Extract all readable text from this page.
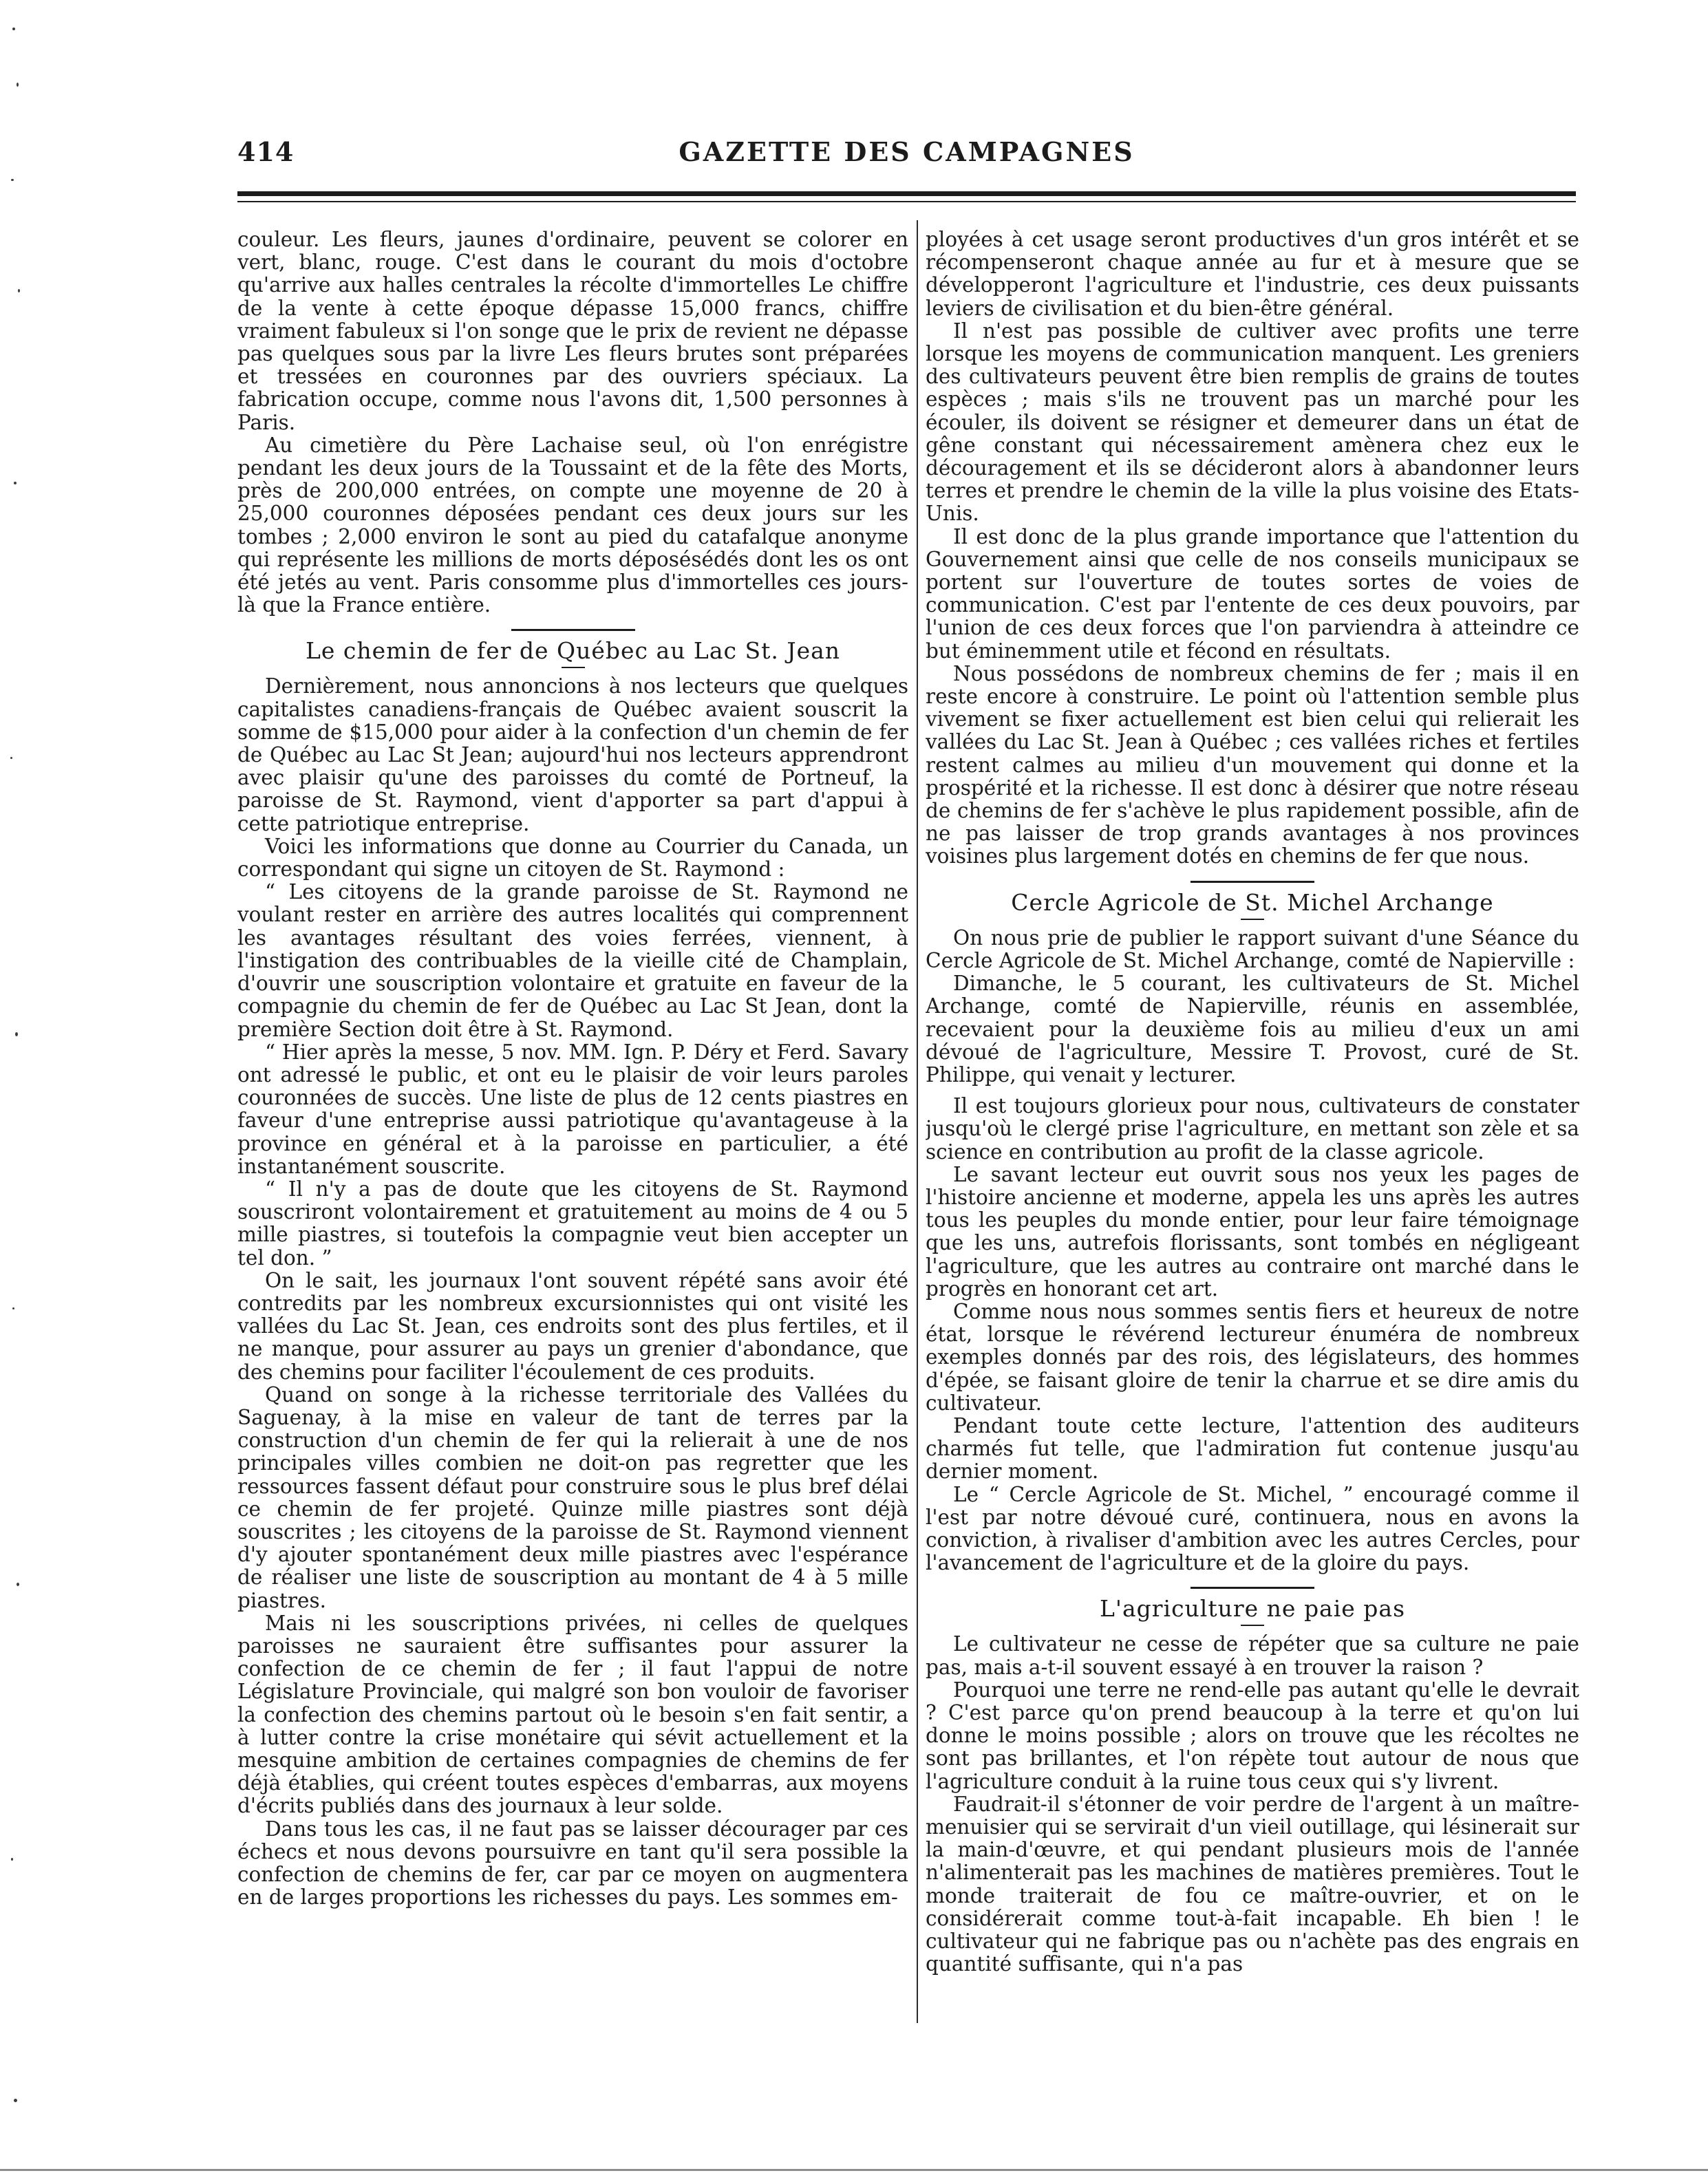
414	GAZETTE DES CAMPAGNES

couleur. Les fleurs, jaunes d'ordinaire, peuvent se colorer en vert, blanc, rouge. C'est dans le courant du mois d'octobre qu'arrive aux halles centrales la récolte d'immortelles Le chiffre de la vente à cette époque dépasse 15,000 francs, chiffre vraiment fabuleux si l'on songe que le prix de revient ne dépasse pas quelques sous par la livre Les fleurs brutes sont préparées et tressées en couronnes par des ouvriers spéciaux. La fabrication occupe, comme nous l'avons dit, 1,500 personnes à Paris.

Au cimetière du Père Lachaise seul, où l'on enrégistre pendant les deux jours de la Toussaint et de la fête des Morts, près de 200,000 entrées, on compte une moyenne de 20 à 25,000 couronnes déposées pendant ces deux jours sur les tombes ; 2,000 environ le sont au pied du catafalque anonyme qui représente les millions de morts déposésédés dont les os ont été jetés au vent. Paris consomme plus d'immortelles ces jours-là que la France entière.

Le chemin de fer de Québec au Lac St. Jean

Dernièrement, nous annoncions à nos lecteurs que quelques capitalistes canadiens-français de Québec avaient souscrit la somme de $15,000 pour aider à la confection d'un chemin de fer de Québec au Lac St Jean; aujourd'hui nos lecteurs apprendront avec plaisir qu'une des paroisses du comté de Portneuf, la paroisse de St. Raymond, vient d'apporter sa part d'appui à cette patriotique entreprise.

Voici les informations que donne au Courrier du Canada, un correspondant qui signe un citoyen de St. Raymond :

“ Les citoyens de la grande paroisse de St. Raymond ne voulant rester en arrière des autres localités qui comprennent les avantages résultant des voies ferrées, viennent, à l'instigation des contribuables de la vieille cité de Champlain, d'ouvrir une souscription volontaire et gratuite en faveur de la compagnie du chemin de fer de Québec au Lac St Jean, dont la première Section doit être à St. Raymond.

“ Hier après la messe, 5 nov. MM. Ign. P. Déry et Ferd. Savary ont adressé le public, et ont eu le plaisir de voir leurs paroles couronnées de succès. Une liste de plus de 12 cents piastres en faveur d'une entreprise aussi patriotique qu'avantageuse à la province en général et à la paroisse en particulier, a été instantanément souscrite.

“ Il n'y a pas de doute que les citoyens de St. Raymond souscriront volontairement et gratuitement au moins de 4 ou 5 mille piastres, si toutefois la compagnie veut bien accepter un tel don. ”

On le sait, les journaux l'ont souvent répété sans avoir été contredits par les nombreux excursionnistes qui ont visité les vallées du Lac St. Jean, ces endroits sont des plus fertiles, et il ne manque, pour assurer au pays un grenier d'abondance, que des chemins pour faciliter l'écoulement de ces produits.

Quand on songe à la richesse territoriale des Vallées du Saguenay, à la mise en valeur de tant de terres par la construction d'un chemin de fer qui la relierait à une de nos principales villes combien ne doit-on pas regretter que les ressources fassent défaut pour construire sous le plus bref délai ce chemin de fer projeté. Quinze mille piastres sont déjà souscrites ; les citoyens de la paroisse de St. Raymond viennent d'y ajouter spontanément deux mille piastres avec l'espérance de réaliser une liste de souscription au montant de 4 à 5 mille piastres.

Mais ni les souscriptions privées, ni celles de quelques paroisses ne sauraient être suffisantes pour assurer la confection de ce chemin de fer ; il faut l'appui de notre Législature Provinciale, qui malgré son bon vouloir de favoriser la confection des chemins partout où le besoin s'en fait sentir, a à lutter contre la crise monétaire qui sévit actuellement et la mesquine ambition de certaines compagnies de chemins de fer déjà établies, qui créent toutes espèces d'embarras, aux moyens d'écrits publiés dans des journaux à leur solde.

Dans tous les cas, il ne faut pas se laisser décourager par ces échecs et nous devons poursuivre en tant qu'il sera possible la confection de chemins de fer, car par ce moyen on augmentera en de larges proportions les richesses du pays. Les sommes em-

ployées à cet usage seront productives d'un gros intérêt et se récompenseront chaque année au fur et à mesure que se développeront l'agriculture et l'industrie, ces deux puissants leviers de civilisation et du bien-être général.

Il n'est pas possible de cultiver avec profits une terre lorsque les moyens de communication manquent. Les greniers des cultivateurs peuvent être bien remplis de grains de toutes espèces ; mais s'ils ne trouvent pas un marché pour les écouler, ils doivent se résigner et demeurer dans un état de gêne constant qui nécessairement amènera chez eux le découragement et ils se décideront alors à abandonner leurs terres et prendre le chemin de la ville la plus voisine des Etats-Unis.

Il est donc de la plus grande importance que l'attention du Gouvernement ainsi que celle de nos conseils municipaux se portent sur l'ouverture de toutes sortes de voies de communication. C'est par l'entente de ces deux pouvoirs, par l'union de ces deux forces que l'on parviendra à atteindre ce but éminemment utile et fécond en résultats.

Nous possédons de nombreux chemins de fer ; mais il en reste encore à construire. Le point où l'attention semble plus vivement se fixer actuellement est bien celui qui relierait les vallées du Lac St. Jean à Québec ; ces vallées riches et fertiles restent calmes au milieu d'un mouvement qui donne et la prospérité et la richesse. Il est donc à désirer que notre réseau de chemins de fer s'achève le plus rapidement possible, afin de ne pas laisser de trop grands avantages à nos provinces voisines plus largement dotés en chemins de fer que nous.

Cercle Agricole de St. Michel Archange

On nous prie de publier le rapport suivant d'une Séance du Cercle Agricole de St. Michel Archange, comté de Napierville :

Dimanche, le 5 courant, les cultivateurs de St. Michel Archange, comté de Napierville, réunis en assemblée, recevaient pour la deuxième fois au milieu d'eux un ami dévoué de l'agriculture, Messire T. Provost, curé de St. Philippe, qui venait y lecturer.

Il est toujours glorieux pour nous, cultivateurs de constater jusqu'où le clergé prise l'agriculture, en mettant son zèle et sa science en contribution au profit de la classe agricole.

Le savant lecteur eut ouvrit sous nos yeux les pages de l'histoire ancienne et moderne, appela les uns après les autres tous les peuples du monde entier, pour leur faire témoignage que les uns, autrefois florissants, sont tombés en négligeant l'agriculture, que les autres au contraire ont marché dans le progrès en honorant cet art.

Comme nous nous sommes sentis fiers et heureux de notre état, lorsque le révérend lectureur énuméra de nombreux exemples donnés par des rois, des législateurs, des hommes d'épée, se faisant gloire de tenir la charrue et se dire amis du cultivateur.

Pendant toute cette lecture, l'attention des auditeurs charmés fut telle, que l'admiration fut contenue jusqu'au dernier moment.

Le “ Cercle Agricole de St. Michel, ” encouragé comme il l'est par notre dévoué curé, continuera, nous en avons la conviction, à rivaliser d'ambition avec les autres Cercles, pour l'avancement de l'agriculture et de la gloire du pays.

L'agriculture ne paie pas

Le cultivateur ne cesse de répéter que sa culture ne paie pas, mais a-t-il souvent essayé à en trouver la raison ?

Pourquoi une terre ne rend-elle pas autant qu'elle le devrait ? C'est parce qu'on prend beaucoup à la terre et qu'on lui donne le moins possible ; alors on trouve que les récoltes ne sont pas brillantes, et l'on répète tout autour de nous que l'agriculture conduit à la ruine tous ceux qui s'y livrent.

Faudrait-il s'étonner de voir perdre de l'argent à un maître-menuisier qui se servirait d'un vieil outillage, qui lésinerait sur la main-d'œuvre, et qui pendant plusieurs mois de l'année n'alimenterait pas les machines de matières premières. Tout le monde traiterait de fou ce maître-ouvrier, et on le considérerait comme tout-à-fait incapable. Eh bien ! le cultivateur qui ne fabrique pas ou n'achète pas des engrais en quantité suffisante, qui n'a pas
